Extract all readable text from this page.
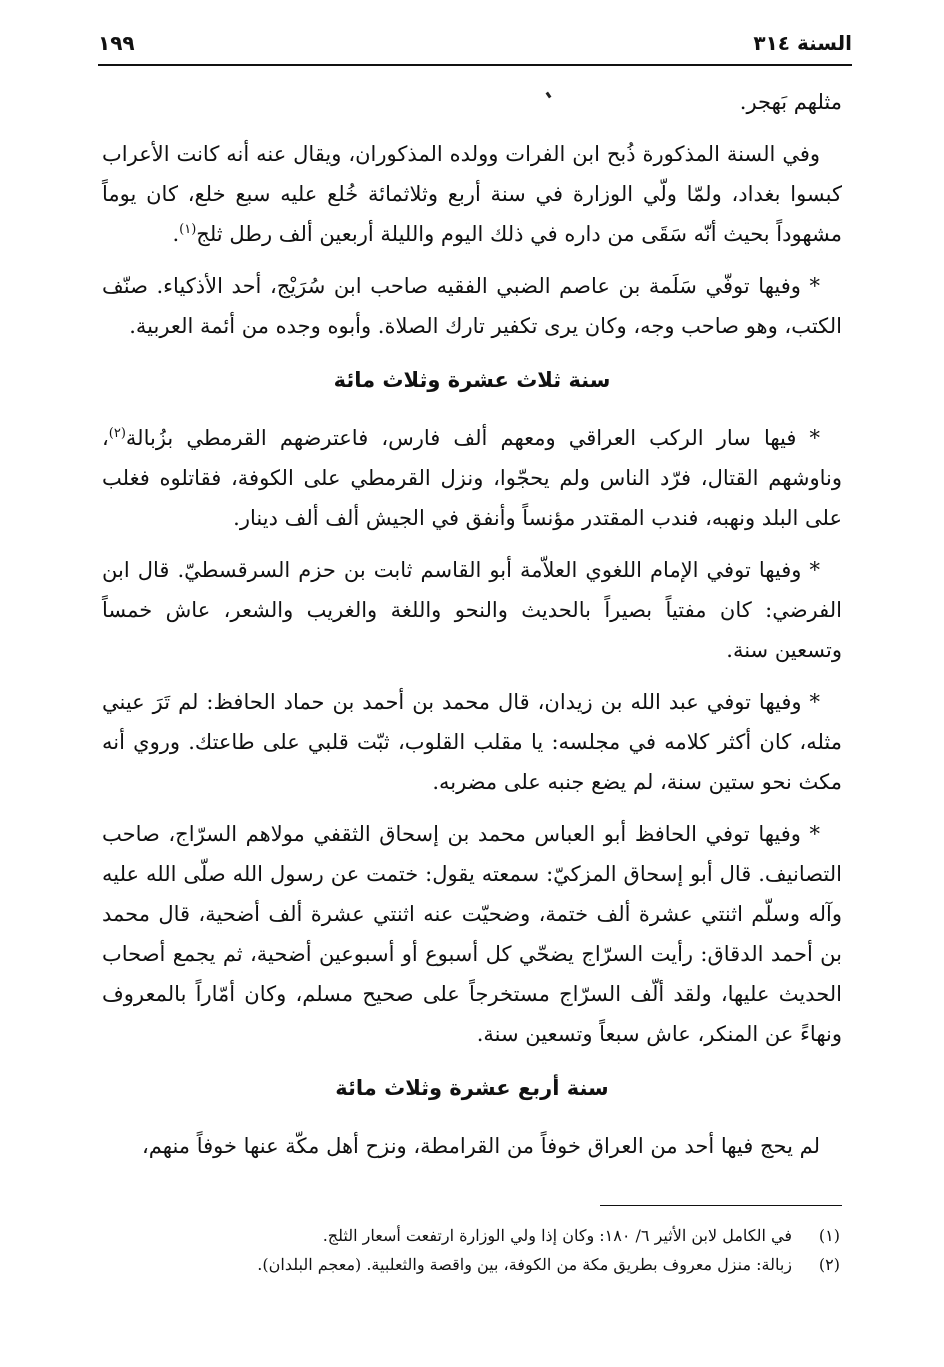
السنة ٣١٤
١٩٩

مثلهم بَهجر.

وفي السنة المذكورة ذُبح ابن الفرات وولده المذكوران، ويقال عنه أنه كانت الأعراب كبسوا بغداد، ولمّا ولّي الوزارة في سنة أربع وثلاثمائة خُلع عليه سبع خلع، كان يوماً مشهوداً بحيث أنّه سَقَى من داره في ذلك اليوم والليلة أربعين ألف رطل ثلج$^{(١)}$.

* وفيها توفّي سَلَمة بن عاصم الضبي الفقيه صاحب ابن سُرَيْج، أحد الأذكياء. صنّف الكتب، وهو صاحب وجه، وكان يرى تكفير تارك الصلاة. وأبوه وجده من أئمة العربية.

سنة ثلاث عشرة وثلاث مائة

* فيها سار الركب العراقي ومعهم ألف فارس، فاعترضهم القرمطي بزُبالة$^{(٢)}$، وناوشهم القتال، فرّد الناس ولم يحجّوا، ونزل القرمطي على الكوفة، فقاتلوه فغلب على البلد ونهبه، فندب المقتدر مؤنساً وأنفق في الجيش ألف ألف دينار.

* وفيها توفي الإمام اللغوي العلاّمة أبو القاسم ثابت بن حزم السرقسطيّ. قال ابن الفرضي: كان مفتياً بصيراً بالحديث والنحو واللغة والغريب والشعر، عاش خمساً وتسعين سنة.

* وفيها توفي عبد الله بن زيدان، قال محمد بن أحمد بن حماد الحافظ: لم تَرَ عيني مثله، كان أكثر كلامه في مجلسه: يا مقلب القلوب، ثبّت قلبي على طاعتك. وروي أنه مكث نحو ستين سنة، لم يضع جنبه على مضربه.

* وفيها توفي الحافظ أبو العباس محمد بن إسحاق الثقفي مولاهم السرّاج، صاحب التصانيف. قال أبو إسحاق المزكيّ: سمعته يقول: ختمت عن رسول الله صلّى الله عليه وآله وسلّم اثنتي عشرة ألف ختمة، وضحيّت عنه اثنتي عشرة ألف أضحية، قال محمد بن أحمد الدقاق: رأيت السرّاج يضحّي كل أسبوع أو أسبوعين أضحية، ثم يجمع أصحاب الحديث عليها، ولقد ألّف السرّاج مستخرجاً على صحيح مسلم، وكان أمّاراً بالمعروف ونهاءً عن المنكر، عاش سبعاً وتسعين سنة.

سنة أربع عشرة وثلاث مائة

لم يحج فيها أحد من العراق خوفاً من القرامطة، ونزح أهل مكّة عنها خوفاً منهم،

(١)
في الكامل لابن الأثير ٦/ ١٨٠: وكان إذا ولي الوزارة ارتفعت أسعار الثلج.
(٢)
زبالة: منزل معروف بطريق مكة من الكوفة، بين واقصة والثعلبية. (معجم البلدان).
